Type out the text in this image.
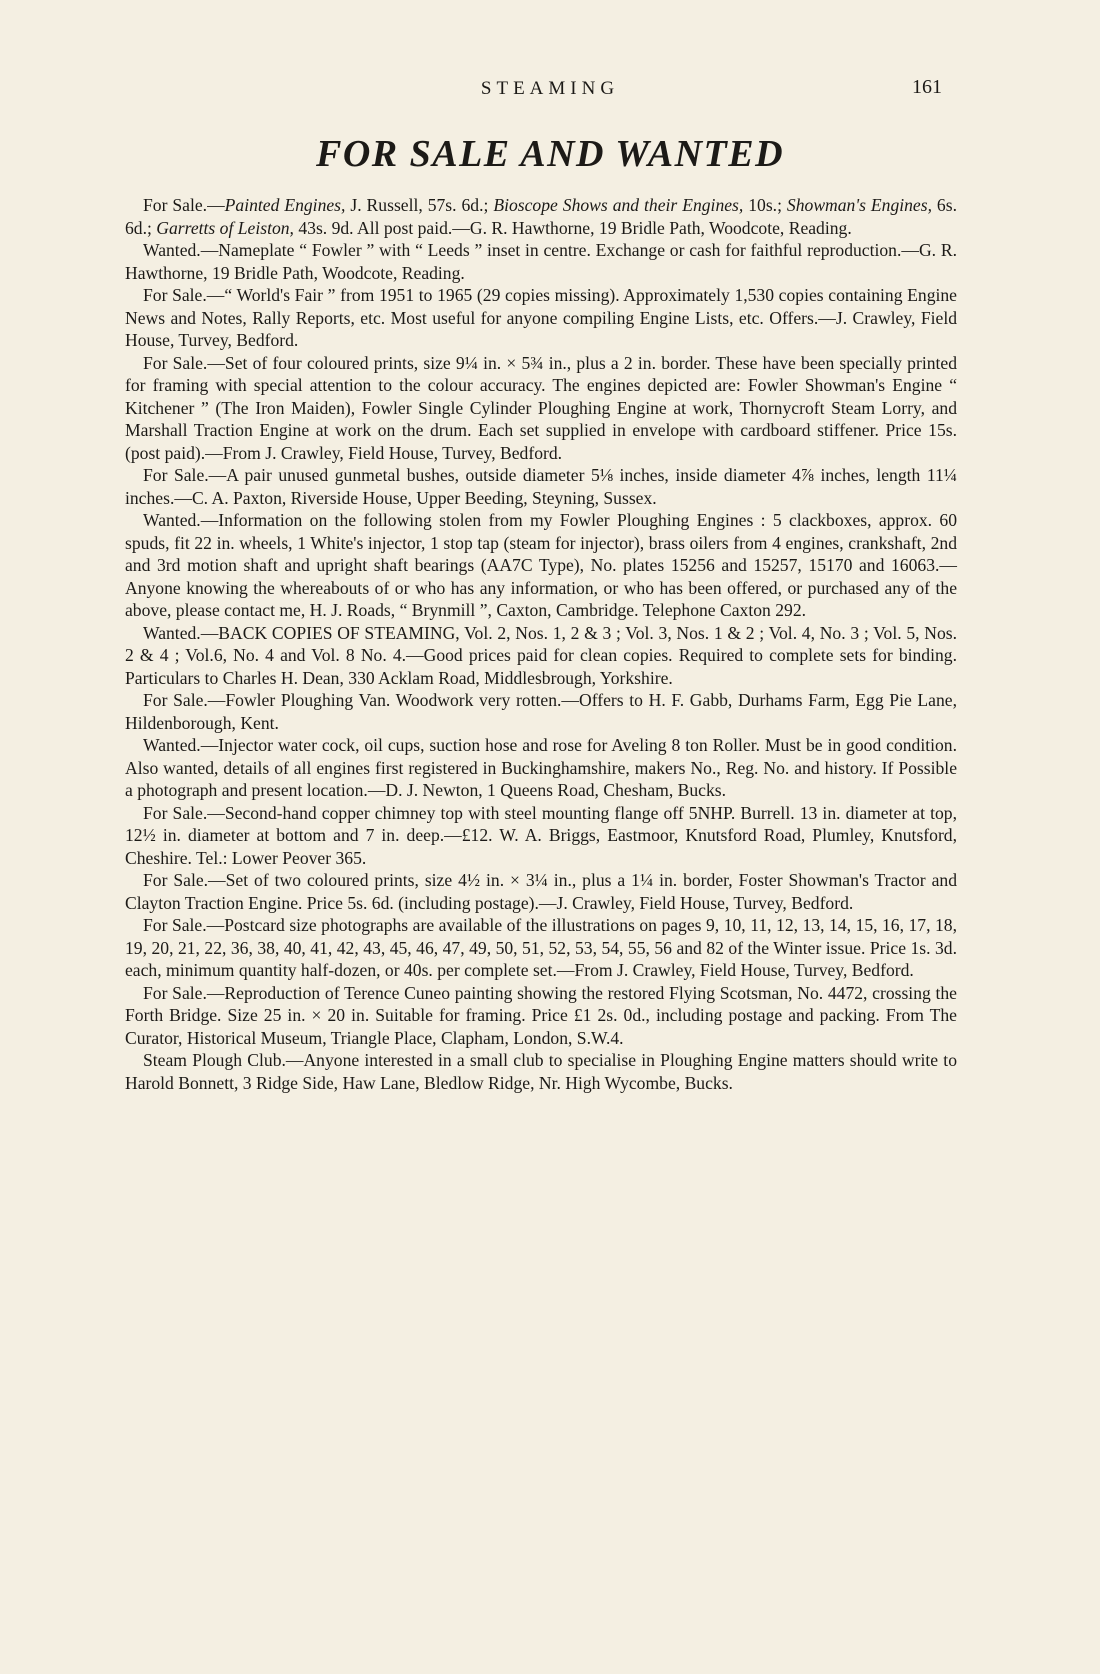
STEAMING	161
FOR SALE AND WANTED

For Sale.—Painted Engines, J. Russell, 57s. 6d.; Bioscope Shows and their Engines, 10s.; Showman's Engines, 6s. 6d.; Garretts of Leiston, 43s. 9d. All post paid.—G. R. Hawthorne, 19 Bridle Path, Woodcote, Reading.

Wanted.—Nameplate “ Fowler ” with “ Leeds ” inset in centre. Exchange or cash for faithful reproduction.—G. R. Hawthorne, 19 Bridle Path, Woodcote, Reading.

For Sale.—“ World's Fair ” from 1951 to 1965 (29 copies missing). Approximately 1,530 copies containing Engine News and Notes, Rally Reports, etc. Most useful for anyone compiling Engine Lists, etc. Offers.—J. Crawley, Field House, Turvey, Bedford.

For Sale.—Set of four coloured prints, size 9¼ in. × 5¾ in., plus a 2 in. border. These have been specially printed for framing with special attention to the colour accuracy. The engines depicted are: Fowler Showman's Engine “ Kitchener ” (The Iron Maiden), Fowler Single Cylinder Ploughing Engine at work, Thornycroft Steam Lorry, and Marshall Traction Engine at work on the drum. Each set supplied in envelope with cardboard stiffener. Price 15s. (post paid).—From J. Crawley, Field House, Turvey, Bedford.

For Sale.—A pair unused gunmetal bushes, outside diameter 5⅛ inches, inside diameter 4⅞ inches, length 11¼ inches.—C. A. Paxton, Riverside House, Upper Beeding, Steyning, Sussex.

Wanted.—Information on the following stolen from my Fowler Ploughing Engines : 5 clackboxes, approx. 60 spuds, fit 22 in. wheels, 1 White's injector, 1 stop tap (steam for injector), brass oilers from 4 engines, crankshaft, 2nd and 3rd motion shaft and upright shaft bearings (AA7C Type), No. plates 15256 and 15257, 15170 and 16063.—Anyone knowing the whereabouts of or who has any information, or who has been offered, or purchased any of the above, please contact me, H. J. Roads, “ Brynmill ”, Caxton, Cambridge. Telephone Caxton 292.

Wanted.—BACK COPIES OF STEAMING, Vol. 2, Nos. 1, 2 & 3 ; Vol. 3, Nos. 1 & 2 ; Vol. 4, No. 3 ; Vol. 5, Nos. 2 & 4 ; Vol.6, No. 4 and Vol. 8 No. 4.—Good prices paid for clean copies. Required to complete sets for binding. Particulars to Charles H. Dean, 330 Acklam Road, Middlesbrough, Yorkshire.

For Sale.—Fowler Ploughing Van. Woodwork very rotten.—Offers to H. F. Gabb, Durhams Farm, Egg Pie Lane, Hildenborough, Kent.

Wanted.—Injector water cock, oil cups, suction hose and rose for Aveling 8 ton Roller. Must be in good condition. Also wanted, details of all engines first registered in Buckinghamshire, makers No., Reg. No. and history. If Possible a photograph and present location.—D. J. Newton, 1 Queens Road, Chesham, Bucks.

For Sale.—Second-hand copper chimney top with steel mounting flange off 5NHP. Burrell. 13 in. diameter at top, 12½ in. diameter at bottom and 7 in. deep.—£12. W. A. Briggs, Eastmoor, Knutsford Road, Plumley, Knutsford, Cheshire. Tel.: Lower Peover 365.

For Sale.—Set of two coloured prints, size 4½ in. × 3¼ in., plus a 1¼ in. border, Foster Showman's Tractor and Clayton Traction Engine. Price 5s. 6d. (including postage).—J. Crawley, Field House, Turvey, Bedford.

For Sale.—Postcard size photographs are available of the illustrations on pages 9, 10, 11, 12, 13, 14, 15, 16, 17, 18, 19, 20, 21, 22, 36, 38, 40, 41, 42, 43, 45, 46, 47, 49, 50, 51, 52, 53, 54, 55, 56 and 82 of the Winter issue. Price 1s. 3d. each, minimum quantity half-dozen, or 40s. per complete set.—From J. Crawley, Field House, Turvey, Bedford.

For Sale.—Reproduction of Terence Cuneo painting showing the restored Flying Scotsman, No. 4472, crossing the Forth Bridge. Size 25 in. × 20 in. Suitable for framing. Price £1 2s. 0d., including postage and packing. From The Curator, Historical Museum, Triangle Place, Clapham, London, S.W.4.

Steam Plough Club.—Anyone interested in a small club to specialise in Ploughing Engine matters should write to Harold Bonnett, 3 Ridge Side, Haw Lane, Bledlow Ridge, Nr. High Wycombe, Bucks.
